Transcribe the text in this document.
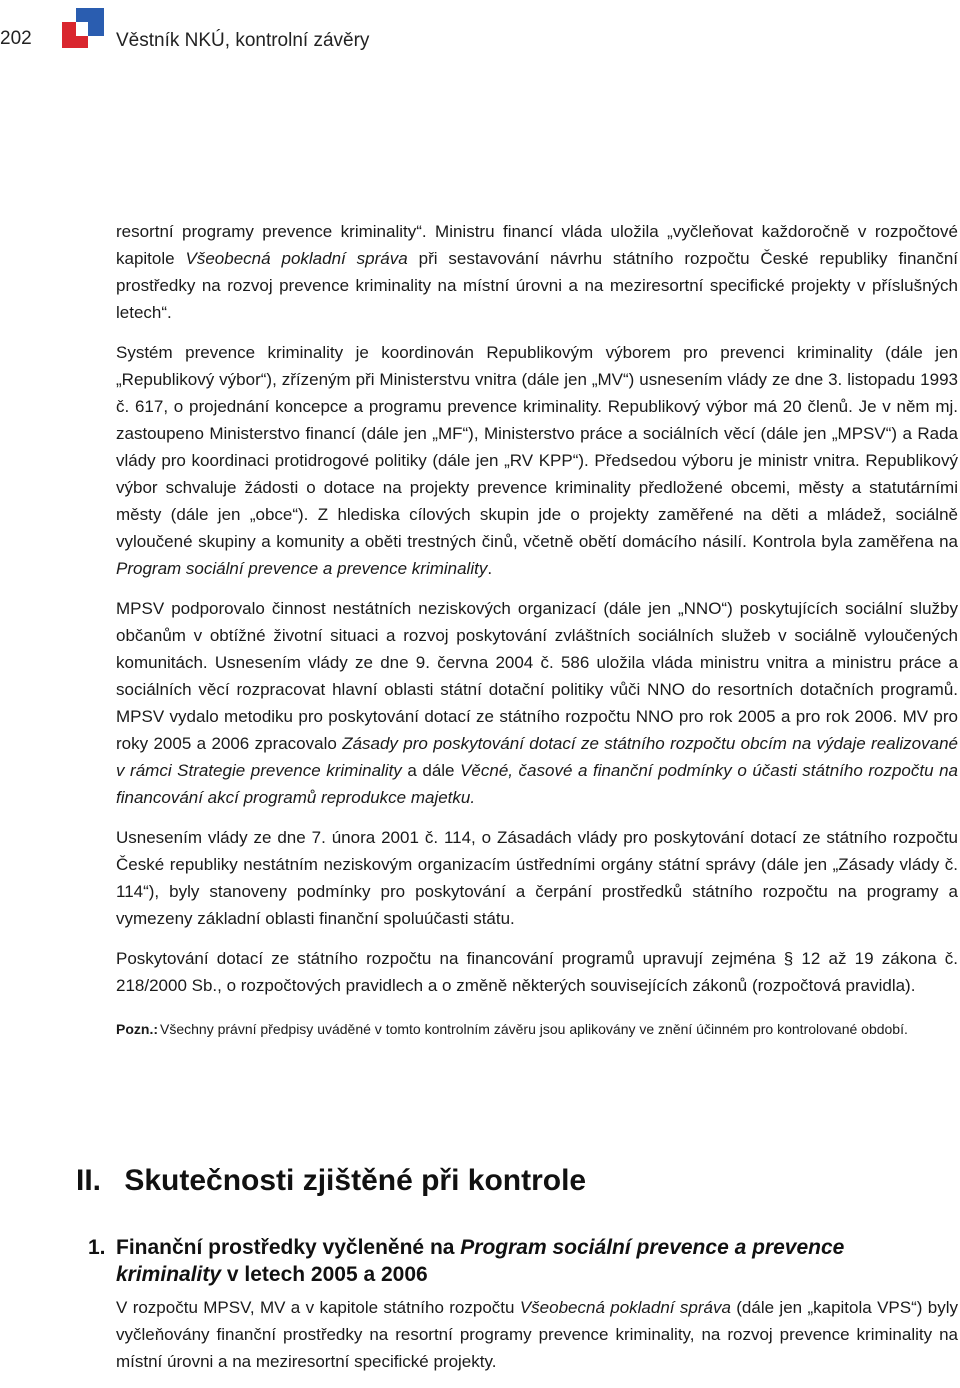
202	Věstník NKÚ, kontrolní závěry

resortní programy prevence kriminality“. Ministru financí vláda uložila „vyčleňovat každoročně v rozpočtové kapitole Všeobecná pokladní správa při sestavování návrhu státního rozpočtu České republiky finanční prostředky na rozvoj prevence kriminality na místní úrovni a na meziresortní specifické projekty v příslušných letech“.

Systém prevence kriminality je koordinován Republikovým výborem pro prevenci kriminality (dále jen „Republikový výbor“), zřízeným při Ministerstvu vnitra (dále jen „MV“) usnesením vlády ze dne 3. listopadu 1993 č. 617, o projednání koncepce a programu prevence kriminality. Republikový výbor má 20 členů. Je v něm mj. zastoupeno Ministerstvo financí (dále jen „MF“), Ministerstvo práce a sociálních věcí (dále jen „MPSV“) a Rada vlády pro koordinaci protidrogové politiky (dále jen „RV KPP“). Předsedou výboru je ministr vnitra. Republikový výbor schvaluje žádosti o dotace na projekty prevence kriminality předložené obcemi, městy a statutárními městy (dále jen „obce“). Z hlediska cílových skupin jde o projekty zaměřené na děti a mládež, sociálně vyloučené skupiny a komunity a oběti trestných činů, včetně obětí domácího násilí. Kontrola byla zaměřena na Program sociální prevence a prevence kriminality.

MPSV podporovalo činnost nestátních neziskových organizací (dále jen „NNO“) poskytujících sociální služby občanům v obtížné životní situaci a rozvoj poskytování zvláštních sociálních služeb v sociálně vyloučených komunitách. Usnesením vlády ze dne 9. června 2004 č. 586 uložila vláda ministru vnitra a ministru práce a sociálních věcí rozpracovat hlavní oblasti státní dotační politiky vůči NNO do resortních dotačních programů. MPSV vydalo metodiku pro poskytování dotací ze státního rozpočtu NNO pro rok 2005 a pro rok 2006. MV pro roky 2005 a 2006 zpracovalo Zásady pro poskytování dotací ze státního rozpočtu obcím na výdaje realizované v rámci Strategie prevence kriminality a dále Věcné, časové a finanční podmínky o účasti státního rozpočtu na financování akcí programů reprodukce majetku.

Usnesením vlády ze dne 7. února 2001 č. 114, o Zásadách vlády pro poskytování dotací ze státního rozpočtu České republiky nestátním neziskovým organizacím ústředními orgány státní správy (dále jen „Zásady vlády č. 114“), byly stanoveny podmínky pro poskytování a čerpání prostředků státního rozpočtu na programy a vymezeny základní oblasti finanční spoluúčasti státu.

Poskytování dotací ze státního rozpočtu na financování programů upravují zejména § 12 až 19 zákona č. 218/2000 Sb., o rozpočtových pravidlech a o změně některých souvisejících zákonů (rozpočtová pravidla).

Pozn.: Všechny právní předpisy uváděné v tomto kontrolním závěru jsou aplikovány ve znění účinném pro kontrolované období.
II. Skutečnosti zjištěné při kontrole
1. Finanční prostředky vyčleněné na Program sociální prevence a prevence kriminality v letech 2005 a 2006

V rozpočtu MPSV, MV a v kapitole státního rozpočtu Všeobecná pokladní správa (dále jen „kapitola VPS“) byly vyčleňovány finanční prostředky na resortní programy prevence kriminality, na rozvoj prevence kriminality na místní úrovni a na meziresortní specifické projekty.
